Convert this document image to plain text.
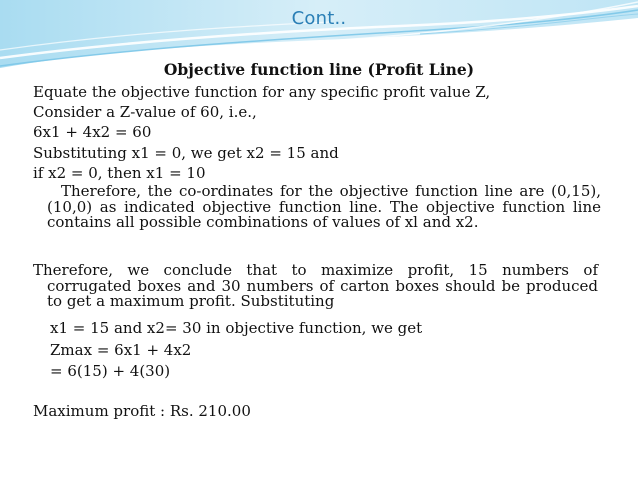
Cont..
Objective function line (Profit Line)
Equate the objective function for any specific profit value Z,
Consider a Z-value of 60, i.e.,
6x1 + 4x2 = 60
Substituting x1 = 0, we get x2 = 15 and
if x2 = 0, then x1 = 10
Therefore, the co-ordinates for the objective function line are (0,15), (10,0) as indicated objective function line. The objective function line contains all possible combinations of values of xl and x2.
Therefore, we conclude that to maximize profit, 15 numbers of corrugated boxes and 30 numbers of carton boxes should be produced to get a maximum profit. Substituting
x1 = 15 and x2= 30 in objective function, we get
Zmax = 6x1 + 4x2
= 6(15) + 4(30)
Maximum profit : Rs. 210.00
